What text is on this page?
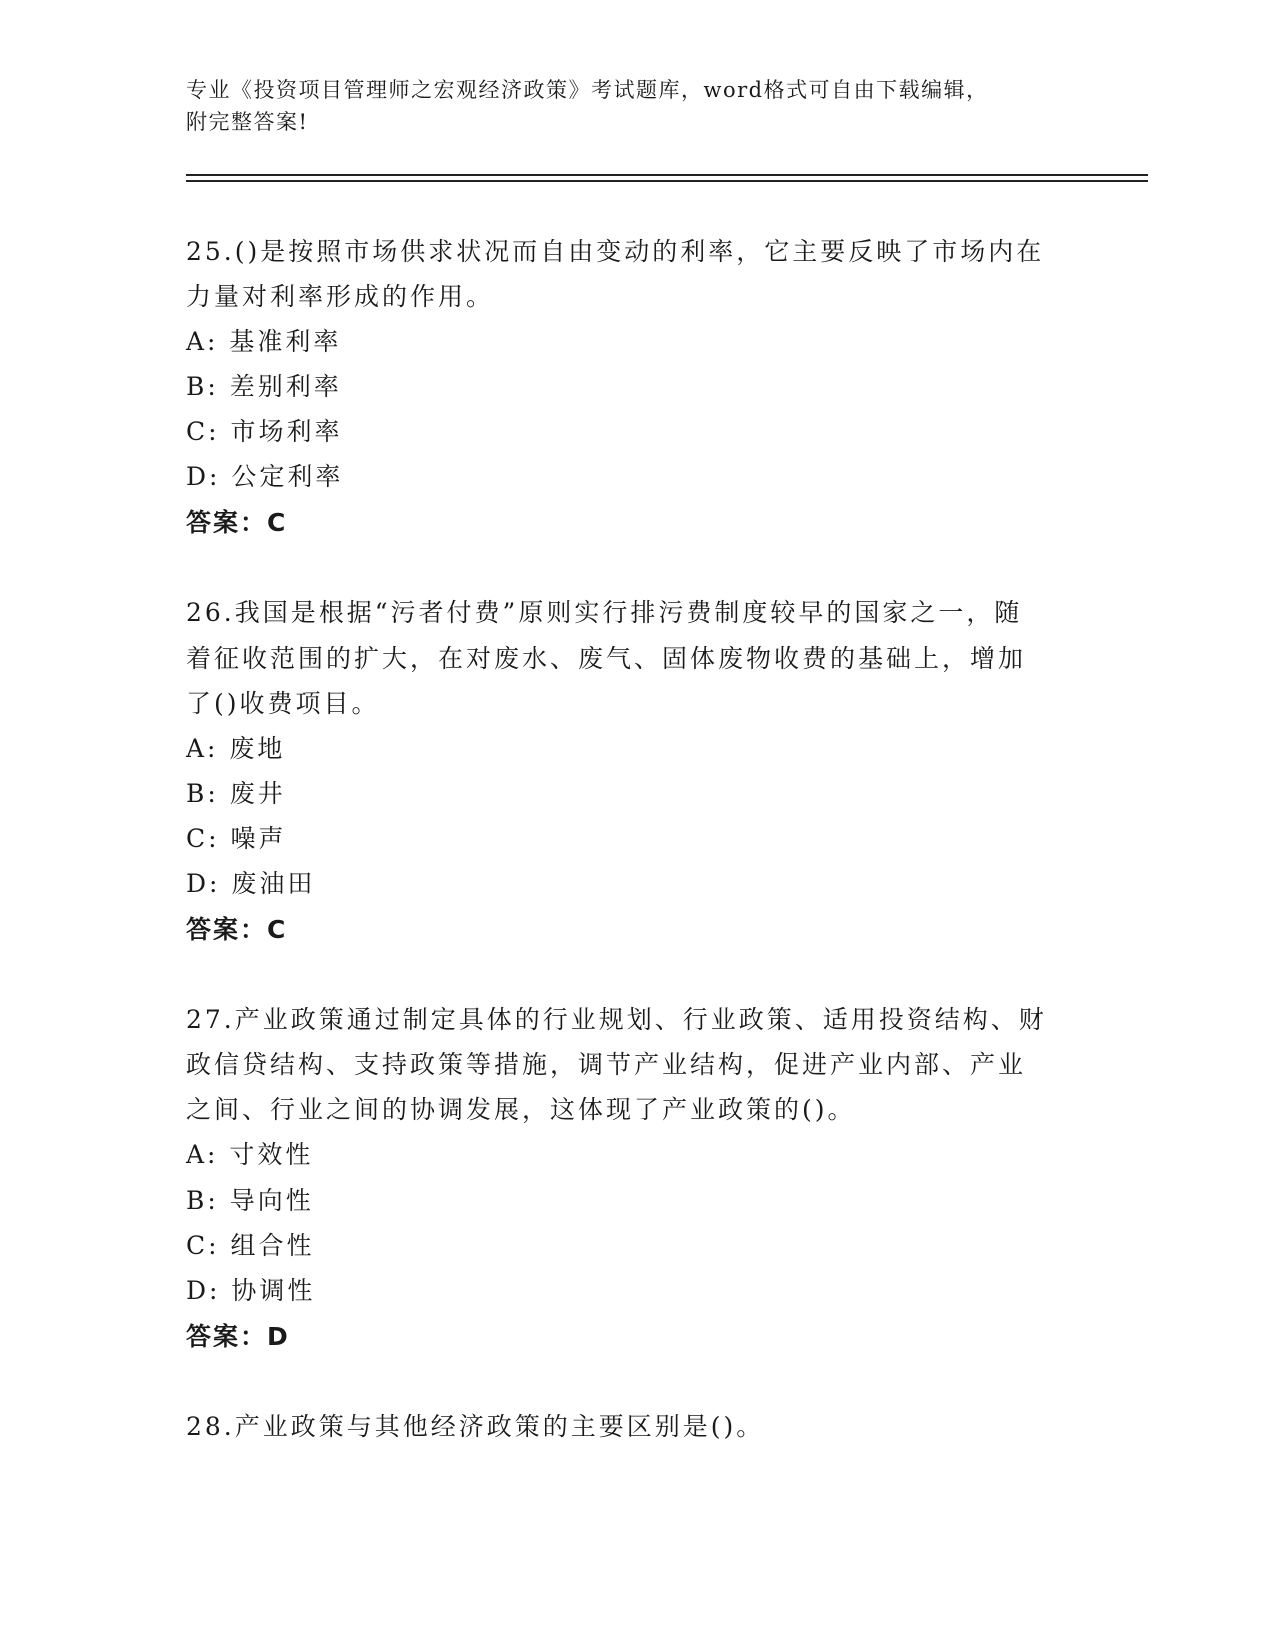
专业《投资项目管理师之宏观经济政策》考试题库，word格式可自由下载编辑，
附完整答案!
25.()是按照市场供求状况而自由变动的利率，它主要反映了市场内在
力量对利率形成的作用。
A: 基准利率
B: 差别利率
C: 市场利率
D: 公定利率
答案：C
26.我国是根据“污者付费”原则实行排污费制度较早的国家之一，随
着征收范围的扩大，在对废水、废气、固体废物收费的基础上，增加
了()收费项目。
A: 废地
B: 废井
C: 噪声
D: 废油田
答案：C
27.产业政策通过制定具体的行业规划、行业政策、适用投资结构、财
政信贷结构、支持政策等措施，调节产业结构，促进产业内部、产业
之间、行业之间的协调发展，这体现了产业政策的()。
A: 寸效性
B: 导向性
C: 组合性
D: 协调性
答案：D
28.产业政策与其他经济政策的主要区别是()。
